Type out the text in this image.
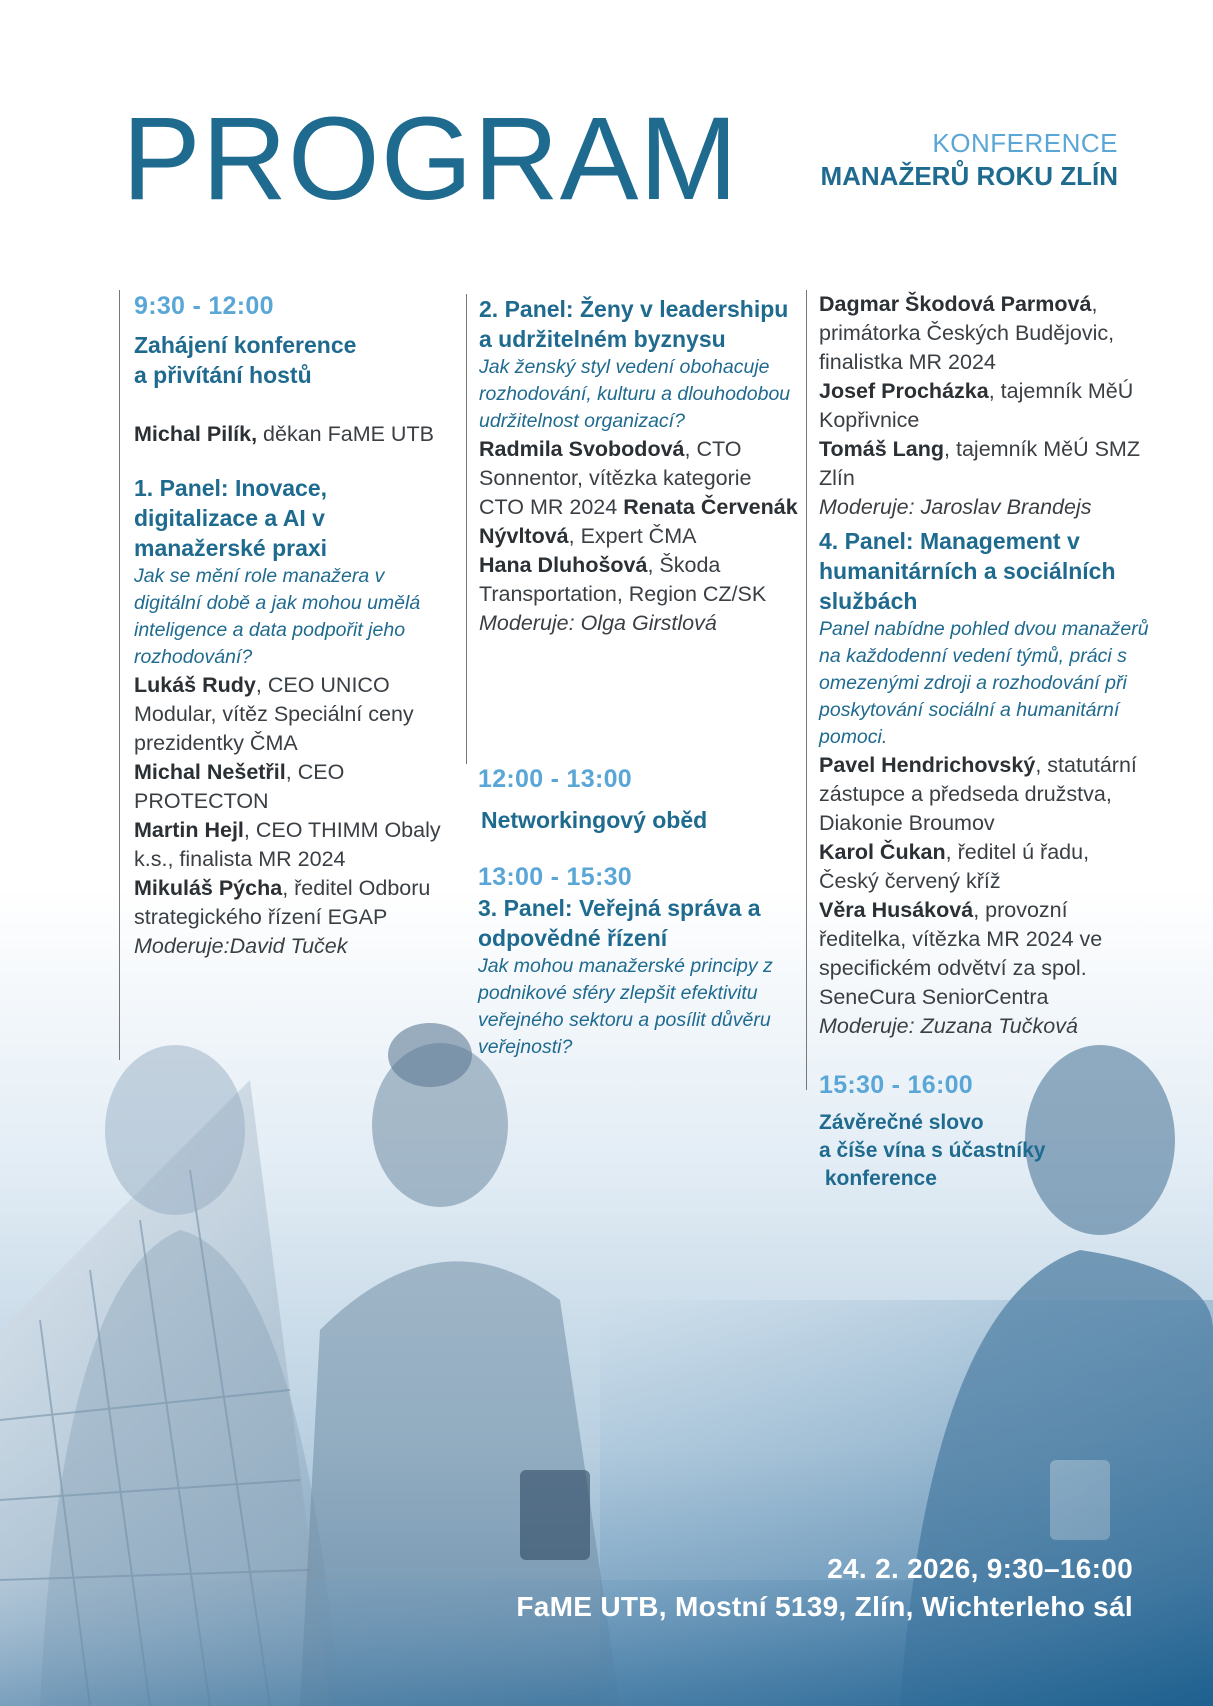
PROGRAM	KONFERENCE
MANAŽERŮ ROKU ZLÍN
9:30 - 12:00
Zahájení konference
a přivítání hostů
Michal Pilík, děkan FaME UTB
1. Panel: Inovace, digitalizace a AI v manažerské praxi
Jak se mění role manažera v digitální době a jak mohou umělá inteligence a data podpořit jeho rozhodování?
Lukáš Rudy, CEO UNICO Modular, vítěz Speciální ceny prezidentky ČMA
Michal Nešetřil, CEO PROTECTON
Martin Hejl, CEO THIMM Obaly k.s., finalista MR 2024
Mikuláš Pýcha, ředitel Odboru strategického řízení EGAP
Moderuje:David Tuček
2. Panel: Ženy v leadershipu a udržitelném byznysu
Jak ženský styl vedení obohacuje rozhodování, kulturu a dlouhodobou udržitelnost organizací?
Radmila Svobodová, CTO Sonnentor, vítězka kategorie CTO MR 2024 Renata Červenák Nývltová, Expert ČMA
Hana Dluhošová, Škoda Transportation, Region CZ/SK
Moderuje: Olga Girstlová
12:00 - 13:00
Networkingový oběd
13:00 - 15:30
3. Panel: Veřejná správa a odpovědné řízení
Jak mohou manažerské principy z podnikové sféry zlepšit efektivitu veřejného sektoru a posílit důvěru veřejnosti?
Dagmar Škodová Parmová, primátorka Českých Budějovic, finalistka MR 2024
Josef Procházka, tajemník MěÚ Kopřivnice
Tomáš Lang, tajemník MěÚ SMZ Zlín
Moderuje: Jaroslav Brandejs
4. Panel: Management v humanitárních a sociálních službách
Panel nabídne pohled dvou manažerů na každodenní vedení týmů, práci s omezenými zdroji a rozhodování při poskytování sociální a humanitární pomoci.
Pavel Hendrichovský, statutární zástupce a předseda družstva, Diakonie Broumov
Karol Čukan, ředitel ú řadu, Český červený kříž
Věra Husáková, provozní ředitelka, vítězka MR 2024 ve specifickém odvětví za spol. SeneCura SeniorCentra
Moderuje: Zuzana Tučková
15:30 - 16:00
Závěrečné slovo
a číše vína s účastníky
konference
24. 2. 2026, 9:30–16:00
FaME UTB, Mostní 5139, Zlín, Wichterleho sál
